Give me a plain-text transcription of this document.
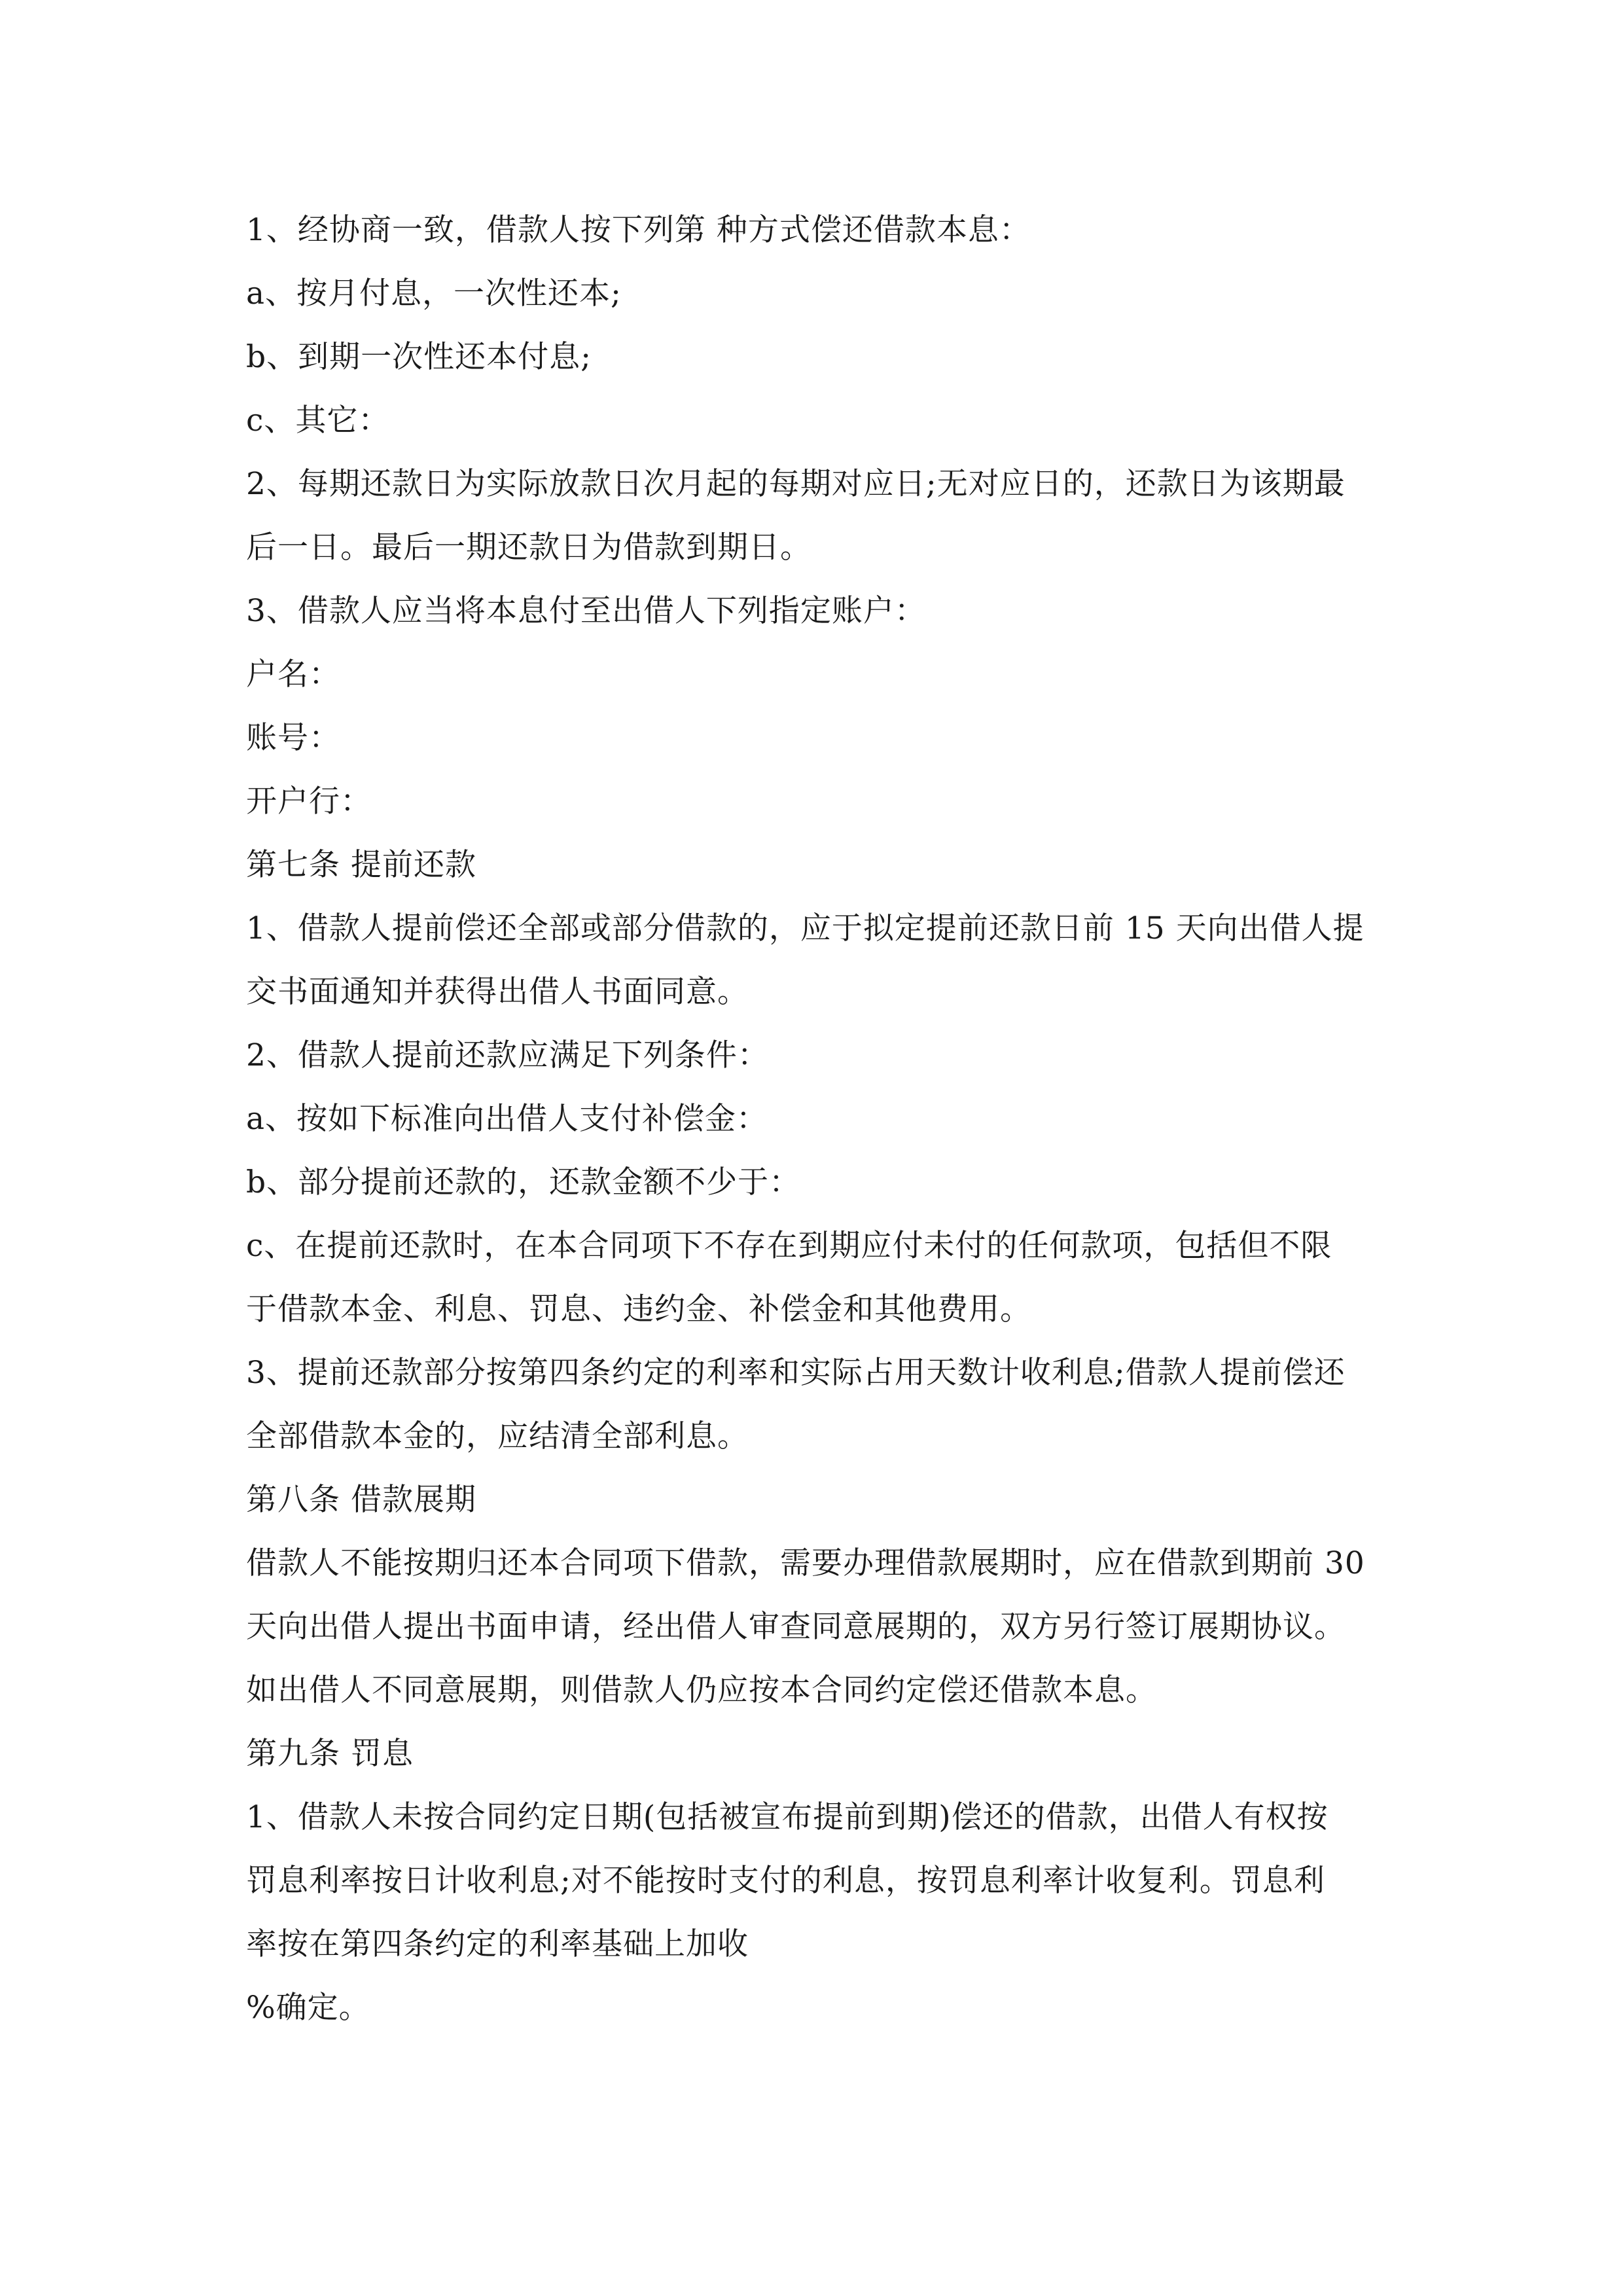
1、经协商一致，借款人按下列第 种方式偿还借款本息：
a、按月付息，一次性还本;
b、到期一次性还本付息;
c、其它：
2、每期还款日为实际放款日次月起的每期对应日;无对应日的，还款日为该期最
后一日。最后一期还款日为借款到期日。
3、借款人应当将本息付至出借人下列指定账户：
户名：
账号：
开户行：
第七条 提前还款
1、借款人提前偿还全部或部分借款的，应于拟定提前还款日前 15 天向出借人提
交书面通知并获得出借人书面同意。
2、借款人提前还款应满足下列条件：
a、按如下标准向出借人支付补偿金：
b、部分提前还款的，还款金额不少于：
c、在提前还款时，在本合同项下不存在到期应付未付的任何款项，包括但不限
于借款本金、利息、罚息、违约金、补偿金和其他费用。
3、提前还款部分按第四条约定的利率和实际占用天数计收利息;借款人提前偿还
全部借款本金的，应结清全部利息。
第八条 借款展期
借款人不能按期归还本合同项下借款，需要办理借款展期时，应在借款到期前 30
天向出借人提出书面申请，经出借人审查同意展期的，双方另行签订展期协议。
如出借人不同意展期，则借款人仍应按本合同约定偿还借款本息。
第九条 罚息
1、借款人未按合同约定日期(包括被宣布提前到期)偿还的借款，出借人有权按
罚息利率按日计收利息;对不能按时支付的利息，按罚息利率计收复利。罚息利
率按在第四条约定的利率基础上加收
%确定。
